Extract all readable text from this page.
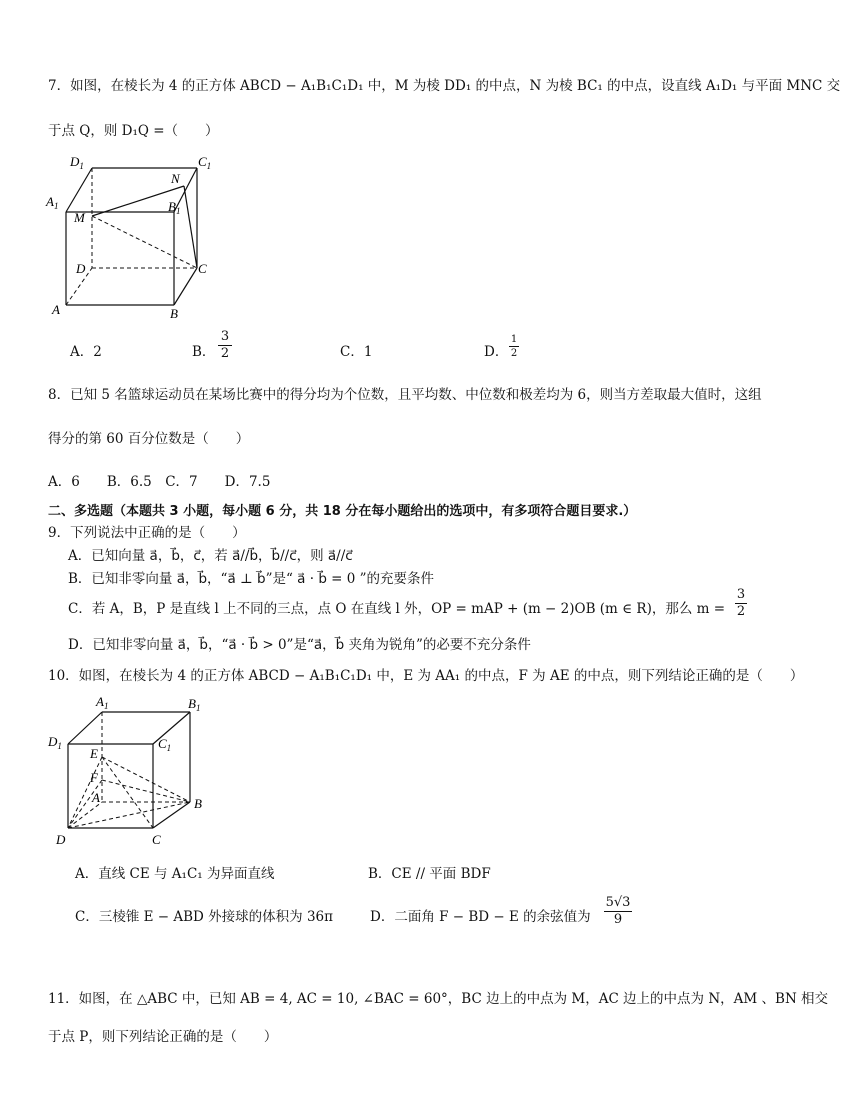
7．如图，在棱长为 4 的正方体 ABCD − A₁B₁C₁D₁ 中，M 为棱 DD₁ 的中点，N 为棱 BC₁ 的中点，设直线 A₁D₁ 与平面 MNC 交
于点 Q，则 D₁Q =（　　）
$D_1$	$C_1$
$A_1$	$B_1$
M
N
D	C
A	B
A．2	B．
3
2	C．1	D．
1
2
8．已知 5 名篮球运动员在某场比赛中的得分均为个位数，且平均数、中位数和极差均为 6，则当方差取最大值时，这组
得分的第 60 百分位数是（　　）
A．6　　B．6.5　C．7　　D．7.5
二、多选题（本题共 3 小题，每小题 6 分，共 18 分在每小题给出的选项中，有多项符合题目要求.）
9．下列说法中正确的是（　　）
A．已知向量 a⃗，b⃗，c⃗，若 a⃗//b⃗，b⃗//c⃗，则 a⃗//c⃗
B．已知非零向量 a⃗，b⃗，“a⃗ ⊥ b⃗”是“ a⃗ · b⃗ = 0 ”的充要条件
C．若 A，B，P 是直线 l 上不同的三点，点 O 在直线 l 外，OP = mAP + (m − 2)OB (m ∈ R)，那么 m =
3
2
D．已知非零向量 a⃗，b⃗，“a⃗ · b⃗ > 0”是“a⃗，b⃗ 夹角为锐角”的必要不充分条件
10．如图，在棱长为 4 的正方体 ABCD − A₁B₁C₁D₁ 中，E 为 AA₁ 的中点，F 为 AE 的中点，则下列结论正确的是（　　）
$A_1$	$B_1$
$D_1$	$C_1$
E
F
A	B
D	C
A．直线 CE 与 A₁C₁ 为异面直线	B．CE // 平面 BDF
C．三棱锥 E − ABD 外接球的体积为 36π	D．二面角 F − BD − E 的余弦值为
5√3
9
11．如图，在 △ABC 中，已知 AB = 4, AC = 10, ∠BAC = 60°，BC 边上的中点为 M，AC 边上的中点为 N，AM 、BN 相交
于点 P，则下列结论正确的是（　　）
